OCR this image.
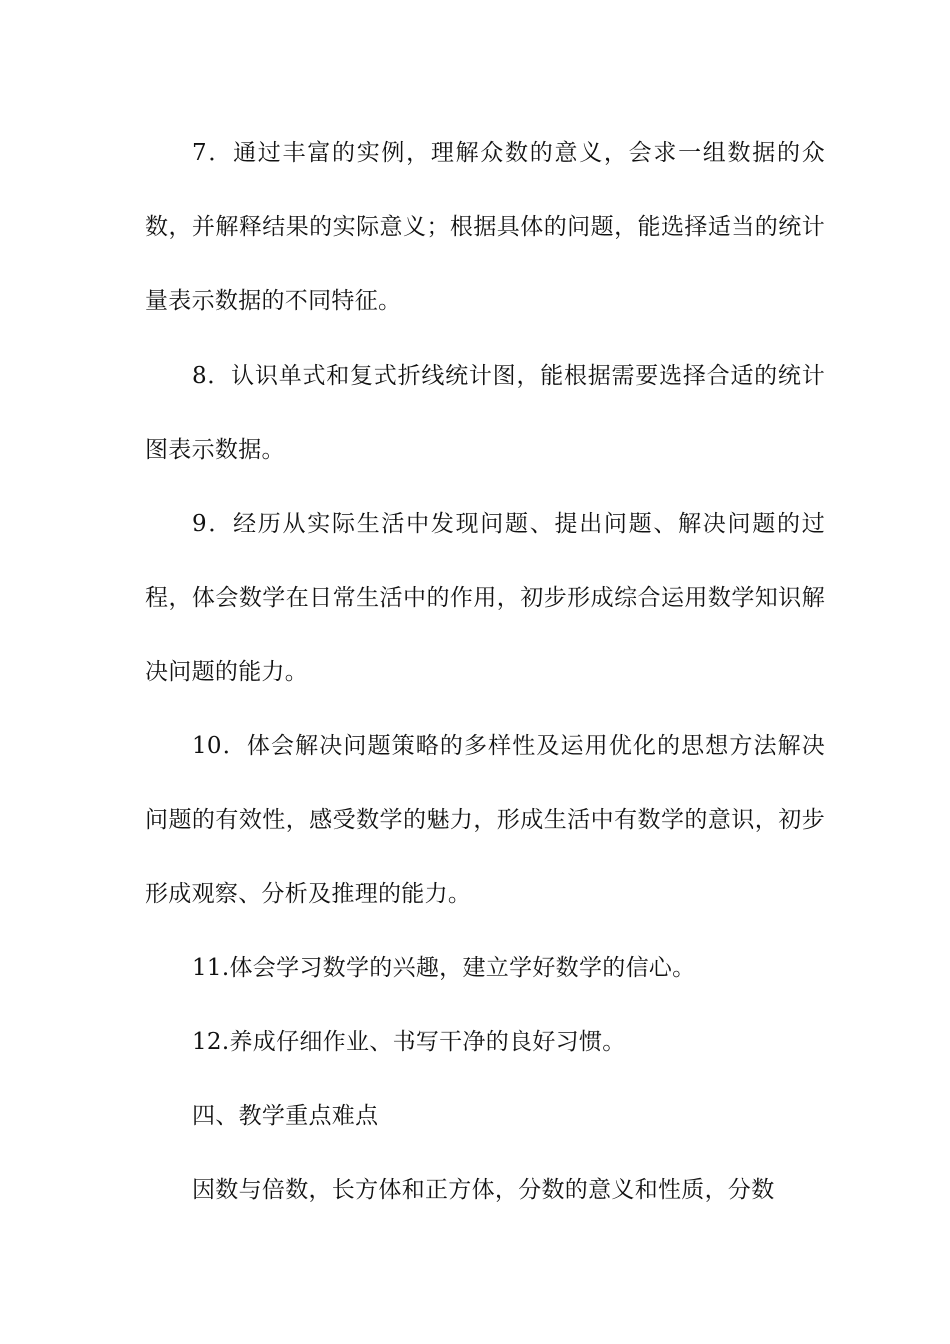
7．通过丰富的实例，理解众数的意义，会求一组数据的众数，并解释结果的实际意义；根据具体的问题，能选择适当的统计量表示数据的不同特征。

8．认识单式和复式折线统计图，能根据需要选择合适的统计图表示数据。

9．经历从实际生活中发现问题、提出问题、解决问题的过程，体会数学在日常生活中的作用，初步形成综合运用数学知识解决问题的能力。

10．体会解决问题策略的多样性及运用优化的思想方法解决问题的有效性，感受数学的魅力，形成生活中有数学的意识，初步形成观察、分析及推理的能力。

11.体会学习数学的兴趣，建立学好数学的信心。

12.养成仔细作业、书写干净的良好习惯。

四、教学重点难点

因数与倍数，长方体和正方体，分数的意义和性质，分数
